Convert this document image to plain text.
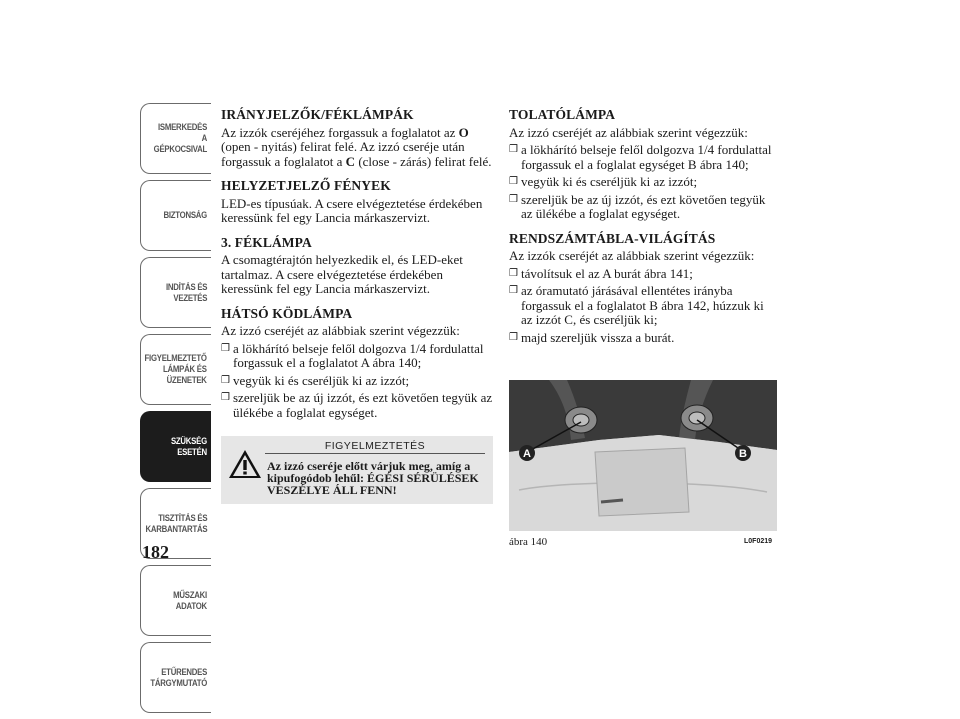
ISMERKEDÉS A
GÉPKOCSIVAL
BIZTONSÁG
INDÍTÁS ÉS
VEZETÉS
FIGYELMEZTETŐ
LÁMPÁK ÉS
ÜZENETEK
SZÜKSÉG ESETÉN
TISZTÍTÁS ÉS
KARBANTARTÁS
MŰSZAKI ADATOK
ETŰRENDES
TÁRGYMUTATÓ
182
IRÁNYJELZŐK/FÉKLÁMPÁK

Az izzók cseréjéhez forgassuk a foglalatot az O (open - nyitás) felirat felé. Az izzó cseréje után forgassuk a foglalatot a C (close - zárás) felirat felé.

HELYZETJELZŐ FÉNYEK

LED-es típusúak. A csere elvégeztetése érdekében keressünk fel egy Lancia márkaszervizt.

3. FÉKLÁMPA

A csomagtérajtón helyezkedik el, és LED-eket tartalmaz. A csere elvégeztetése érdekében keressünk fel egy Lancia márkaszervizt.

HÁTSÓ KÖDLÁMPA

Az izzó cseréjét az alábbiak szerint végezzük:

❒ a lökhárító belseje felől dolgozva 1/4 fordulattal forgassuk el a foglalatot A ábra 140;
❒ vegyük ki és cseréljük ki az izzót;
❒ szereljük be az új izzót, és ezt követően tegyük az ülékébe a foglalat egységet.
FIGYELMEZTETÉS
Az izzó cseréje előtt várjuk meg, amíg a kipufogódob lehűl: ÉGÉSI SÉRÜLÉSEK VESZÉLYE ÁLL FENN!
TOLATÓLÁMPA

Az izzó cseréjét az alábbiak szerint végezzük:

❒ a lökhárító belseje felől dolgozva 1/4 fordulattal forgassuk el a foglalat egységet B ábra 140;
❒ vegyük ki és cseréljük ki az izzót;
❒ szereljük be az új izzót, és ezt követően tegyük az ülékébe a foglalat egységet.
RENDSZÁMTÁBLA-VILÁGÍTÁS

Az izzók cseréjét az alábbiak szerint végezzük:

❒ távolítsuk el az A burát ábra 141;
❒ az óramutató járásával ellentétes irányba forgassuk el a foglalatot B ábra 142, húzzuk ki az izzót C, és cseréljük ki;
❒ majd szereljük vissza a burát.
A	B
ábra 140	L0F0219
